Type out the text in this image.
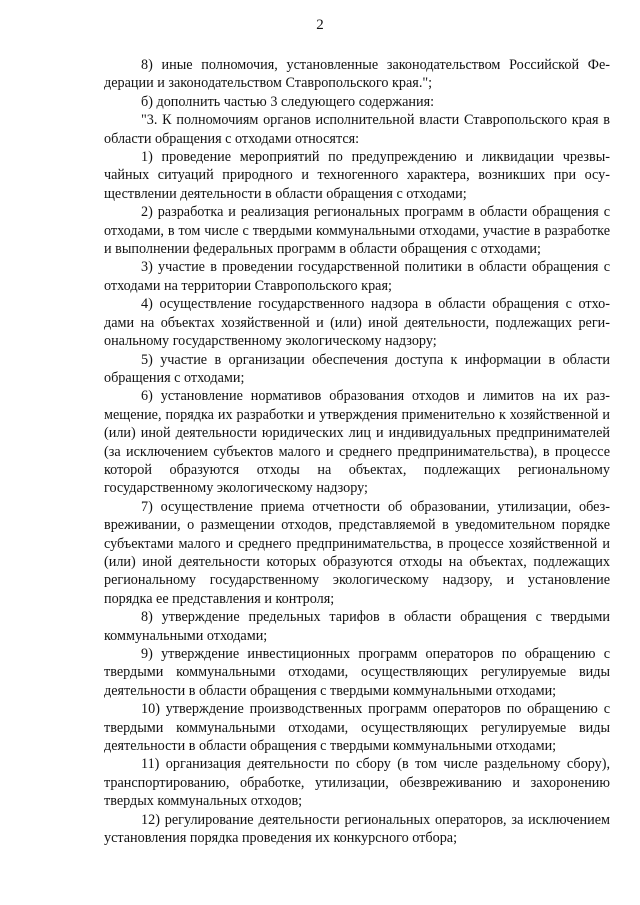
2

8) иные полномочия, установленные законодательством Российской Федерации и законодательством Ставропольского края.";

б) дополнить частью 3 следующего содержания:

"3. К полномочиям органов исполнительной власти Ставропольского края в области обращения с отходами относятся:

1) проведение мероприятий по предупреждению и ликвидации чрезвычайных ситуаций природного и техногенного характера, возникших при осуществлении деятельности в области обращения с отходами;

2) разработка и реализация региональных программ в области обращения с отходами, в том числе с твердыми коммунальными отходами, участие в разработке и выполнении федеральных программ в области обращения с отходами;

3) участие в проведении государственной политики в области обращения с отходами на территории Ставропольского края;

4) осуществление государственного надзора в области обращения с отходами на объектах хозяйственной и (или) иной деятельности, подлежащих региональному государственному экологическому надзору;

5) участие в организации обеспечения доступа к информации в области обращения с отходами;

6) установление нормативов образования отходов и лимитов на их размещение, порядка их разработки и утверждения применительно к хозяйственной и (или) иной деятельности юридических лиц и индивидуальных предпринимателей (за исключением субъектов малого и среднего предпринимательства), в процессе которой образуются отходы на объектах, подлежащих региональному государственному экологическому надзору;

7) осуществление приема отчетности об образовании, утилизации, обезвреживании, о размещении отходов, представляемой в уведомительном порядке субъектами малого и среднего предпринимательства, в процессе хозяйственной и (или) иной деятельности которых образуются отходы на объектах, подлежащих региональному государственному экологическому надзору, и установление порядка ее представления и контроля;

8) утверждение предельных тарифов в области обращения с твердыми коммунальными отходами;

9) утверждение инвестиционных программ операторов по обращению с твердыми коммунальными отходами, осуществляющих регулируемые виды деятельности в области обращения с твердыми коммунальными отходами;

10) утверждение производственных программ операторов по обращению с твердыми коммунальными отходами, осуществляющих регулируемые виды деятельности в области обращения с твердыми коммунальными отходами;

11) организация деятельности по сбору (в том числе раздельному сбору), транспортированию, обработке, утилизации, обезвреживанию и захоронению твердых коммунальных отходов;

12) регулирование деятельности региональных операторов, за исключением установления порядка проведения их конкурсного отбора;
